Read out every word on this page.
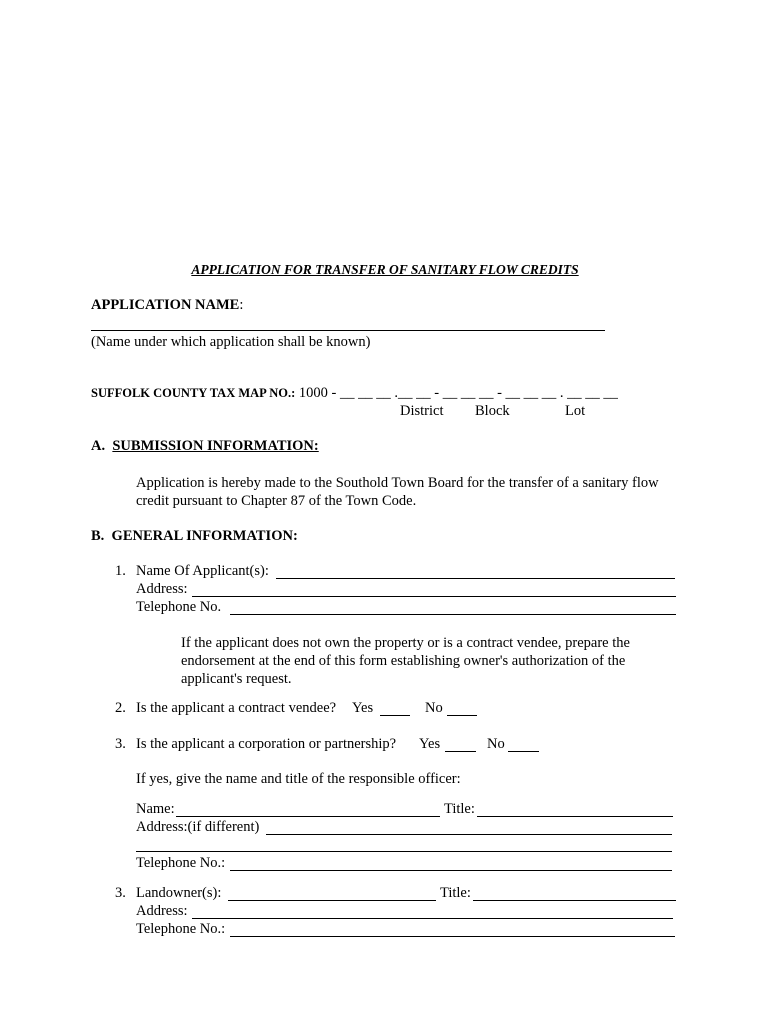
APPLICATION FOR TRANSFER OF SANITARY FLOW CREDITS
APPLICATION NAME:
(Name under which application shall be known)
SUFFOLK COUNTY TAX MAP NO.: 1000 - __ __ __ .__ __ - __ __ __ - __ __ __ . __ __ __
District Block	Lot
A. SUBMISSION INFORMATION:
Application is hereby made to the Southold Town Board for the transfer of a sanitary flow credit pursuant to Chapter 87 of the Town Code.
B. GENERAL INFORMATION:
1. Name Of Applicant(s):
Address:
Telephone No.
If the applicant does not own the property or is a contract vendee, prepare the endorsement at the end of this form establishing owner's authorization of the applicant's request.
2. Is the applicant a contract vendee? Yes	No
3. Is the applicant a corporation or partnership? Yes	No
If yes, give the name and title of the responsible officer:
Name:	Title:
Address:(if different)
Telephone No.:
3. Landowner(s):	Title:
Address:
Telephone No.:
